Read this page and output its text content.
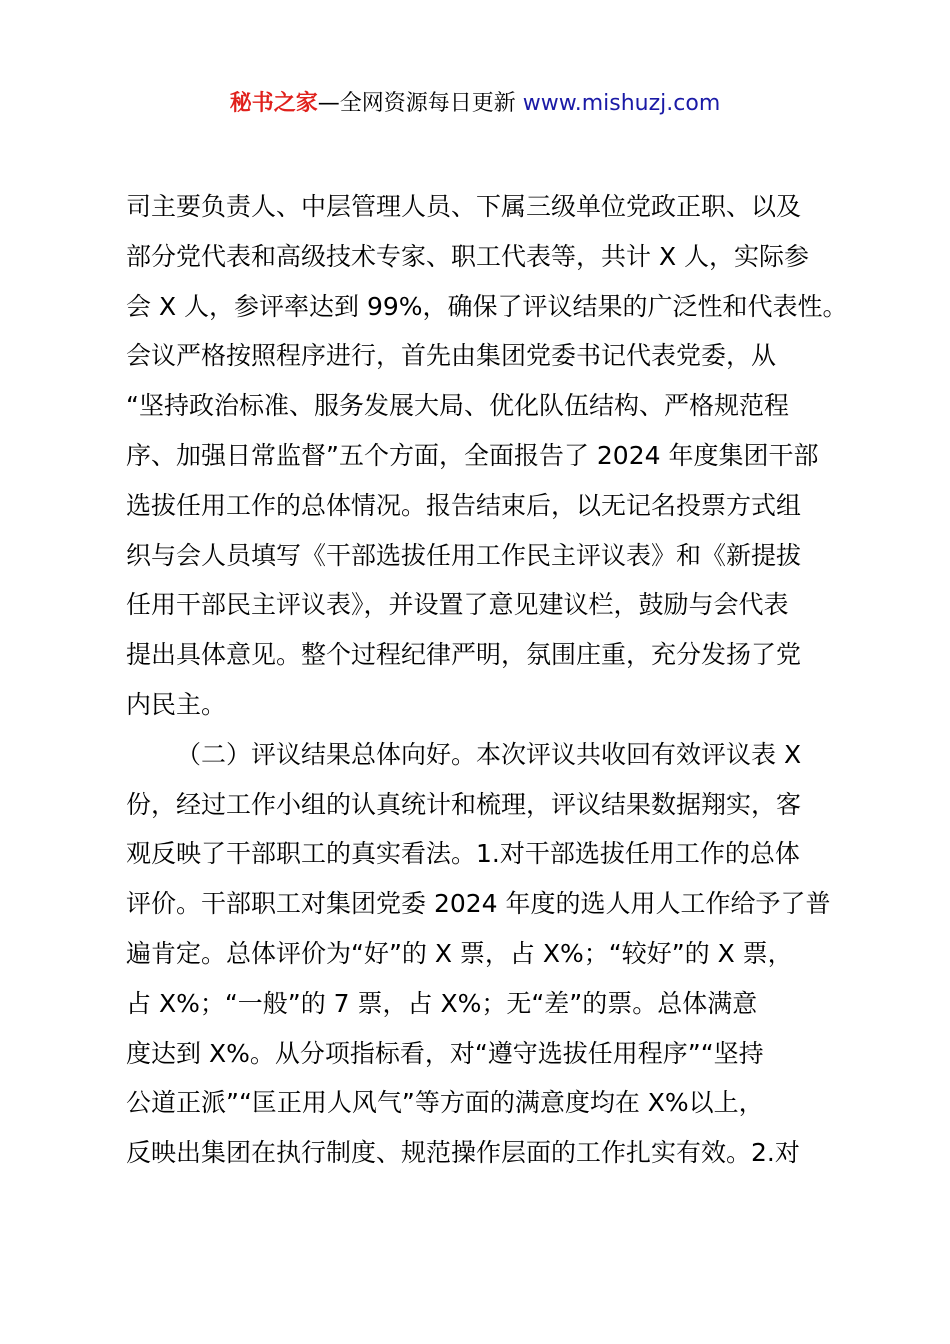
秘书之家—全网资源每日更新 www.mishuzj.com
司主要负责人、中层管理人员、下属三级单位党政正职、以及
部分党代表和高级技术专家、职工代表等，共计 X 人，实际参
会 X 人，参评率达到 99%，确保了评议结果的广泛性和代表性。
会议严格按照程序进行，首先由集团党委书记代表党委，从
“坚持政治标准、服务发展大局、优化队伍结构、严格规范程
序、加强日常监督”五个方面，全面报告了 2024 年度集团干部
选拔任用工作的总体情况。报告结束后，以无记名投票方式组
织与会人员填写《干部选拔任用工作民主评议表》和《新提拔
任用干部民主评议表》，并设置了意见建议栏，鼓励与会代表
提出具体意见。整个过程纪律严明，氛围庄重，充分发扬了党
内民主。
（二）评议结果总体向好。本次评议共收回有效评议表 X
份，经过工作小组的认真统计和梳理，评议结果数据翔实，客
观反映了干部职工的真实看法。1.对干部选拔任用工作的总体
评价。干部职工对集团党委 2024 年度的选人用人工作给予了普
遍肯定。总体评价为“好”的 X 票，占 X%；“较好”的 X 票，
占 X%；“一般”的 7 票，占 X%；无“差”的票。总体满意
度达到 X%。从分项指标看，对“遵守选拔任用程序”“坚持
公道正派”“匡正用人风气”等方面的满意度均在 X%以上，
反映出集团在执行制度、规范操作层面的工作扎实有效。2.对
